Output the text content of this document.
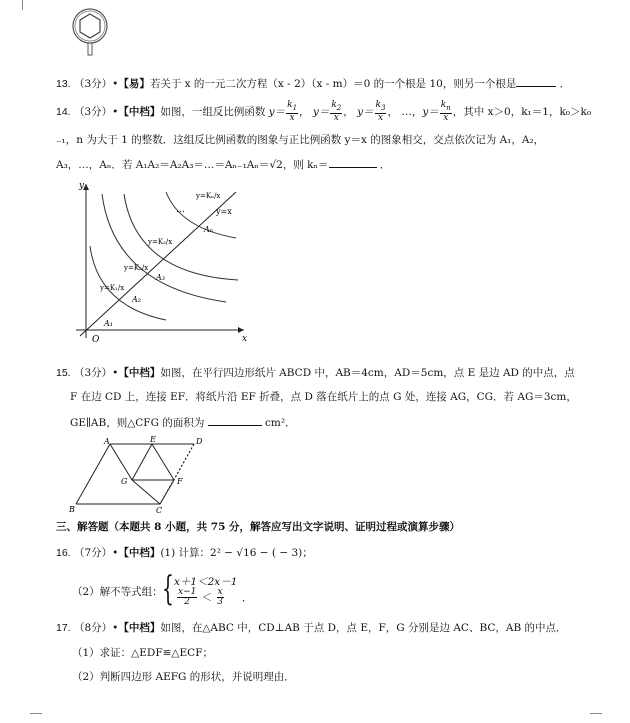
13. （3分）•【易】若关于 x 的一元二次方程（x - 2）（x - m）＝0 的一个根是 10，则另一个根是	．
14. （3分）•【中档】如图，一组反比例函数 $y= \frac{k_1}{x}$ ， $y= \frac{k_2}{x}$ ， $y= \frac{k_3}{x}$ ， …，$y= \frac{k_n}{x}$ ，其中 x＞0，k₁＝1，k₀＞k₀
₋₁，n 为大于 1 的整数．这组反比例函数的图象与正比例函数 y＝x 的图象相交，交点依次记为 A₁，A₂，
A₃，…，Aₙ．若 A₁A₂＝A₂A₃＝…＝Aₙ₋₁Aₙ＝√2，则 kₙ＝	．
y
x
O
y=x
…
A₁
A₂
A₃
Aₙ
y=K₁/x
y=K₂/x
y=K₃/x
y=Kₙ/x
15. （3分）•【中档】如图，在平行四边形纸片 ABCD 中，AB＝4cm，AD＝5cm，点 E 是边 AD 的中点，点
F 在边 CD 上，连接 EF．将纸片沿 EF 折叠，点 D 落在纸片上的点 G 处，连接 AG，CG．若 AG＝3cm，
GE∥AB，则△CFG 的面积为	cm²．
A
B	C
D
E
F
G
三、解答题（本题共 8 小题，共 75 分，解答应写出文字说明、证明过程或演算步骤）
16. （7分）•【中档】(1) 计算：2² − √16 − ( − 3)；
（2）解不等式组： { x＋1＜2x－1
$\frac{x-1}{2} < \frac{x}{3}$ ．
17. （8分）•【中档】如图，在△ABC 中，CD⊥AB 于点 D，点 E，F，G 分别是边 AC、BC，AB 的中点．
（1）求证：△EDF≌△ECF；
（2）判断四边形 AEFG 的形状，并说明理由．
